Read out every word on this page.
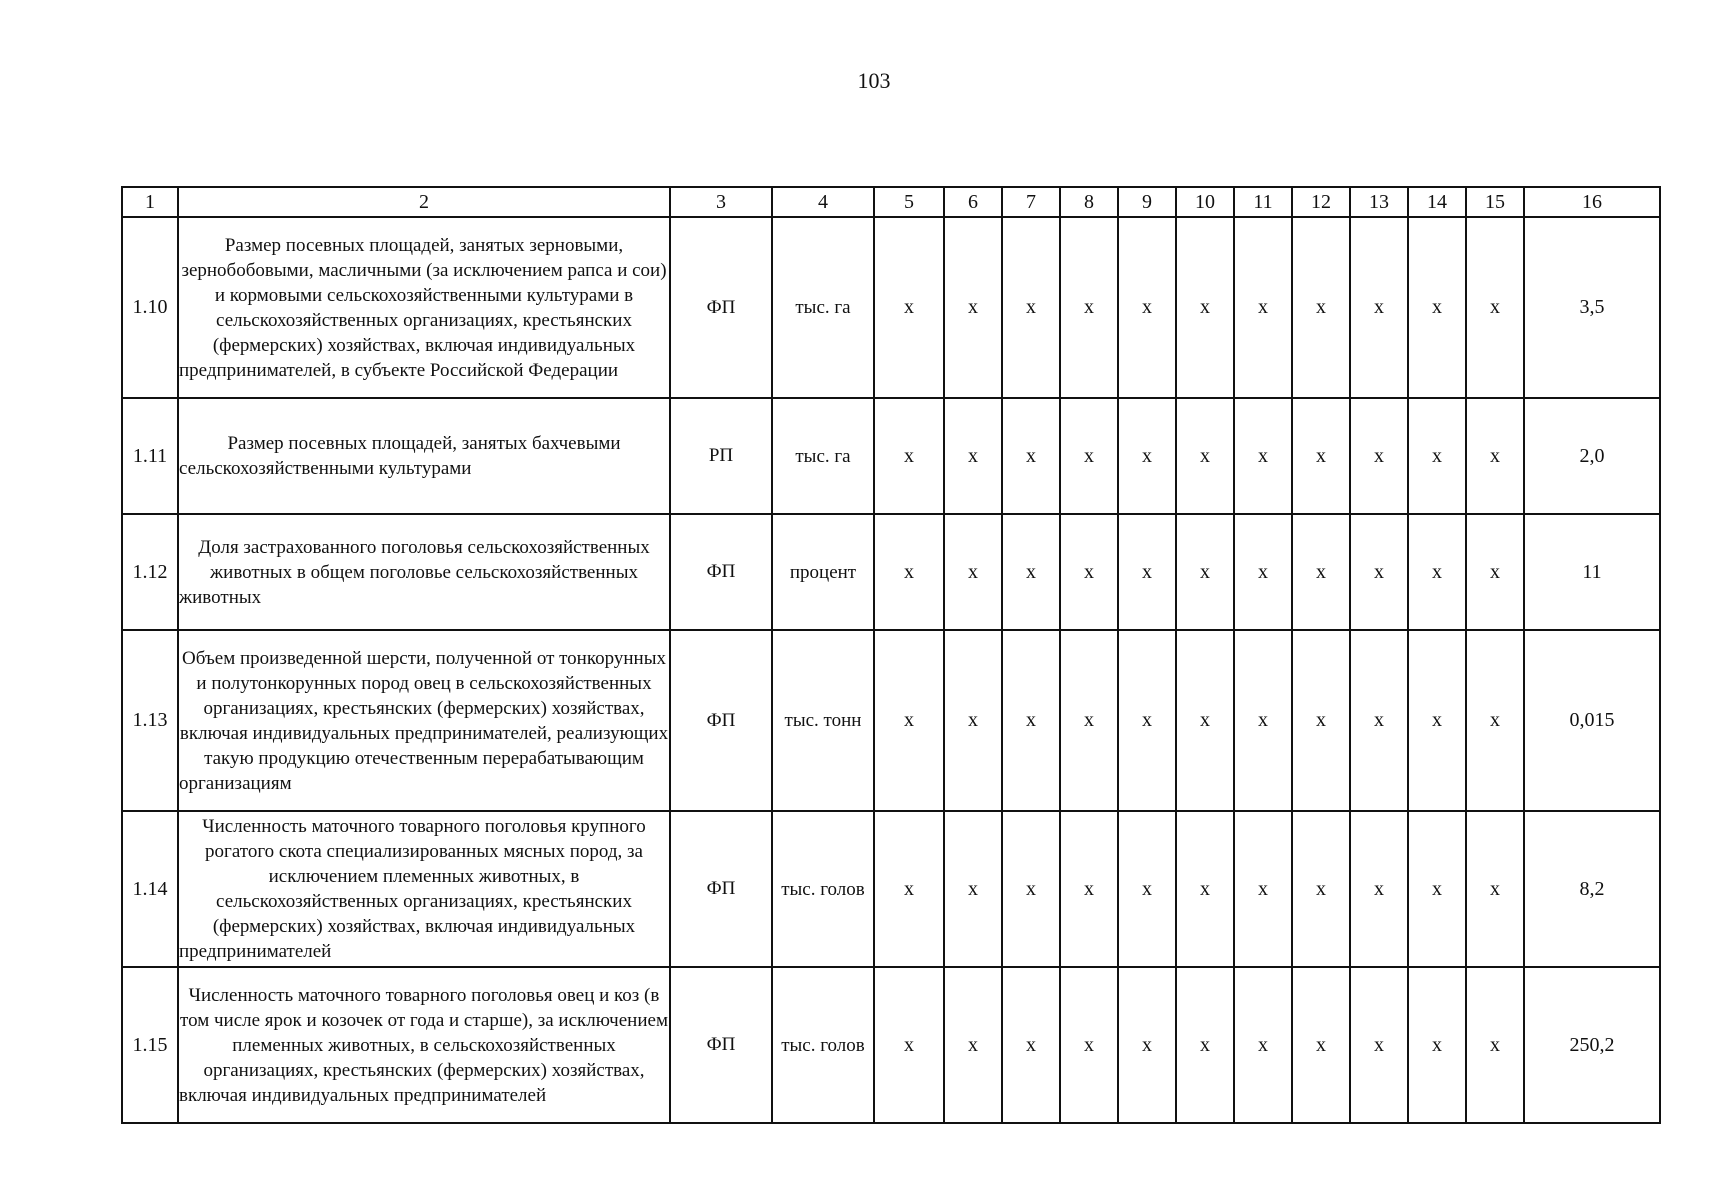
103
1	2	3	4	5	6	7	8	9	10	11	12	13	14	15	16
1.10	Размер посевных площадей, занятых зерновыми, зернобобовыми, масличными (за исключением рапса и сои) и кормовыми сельскохозяйственными культурами в сельскохозяйственных организациях, крестьянских (фермерских) хозяйствах, включая индивидуальных предпринимателей, в субъекте Российской Федерации	ФП	тыс. га	x	x	x	x	x	x	x	x	x	x	x	3,5
1.11	Размер посевных площадей, занятых бахчевыми сельскохозяйственными культурами	РП	тыс. га	x	x	x	x	x	x	x	x	x	x	x	2,0
1.12	Доля застрахованного поголовья сельскохозяйственных животных в общем поголовье сельскохозяйственных животных	ФП	процент	x	x	x	x	x	x	x	x	x	x	x	11
1.13	Объем произведенной шерсти, полученной от тонкорунных и полутонкорунных пород овец в сельскохозяйственных организациях, крестьянских (фермерских) хозяйствах, включая индивидуальных предпринимателей, реализующих такую продукцию отечественным перерабатывающим организациям	ФП	тыс. тонн	x	x	x	x	x	x	x	x	x	x	x	0,015
1.14	Численность маточного товарного поголовья крупного рогатого скота специализированных мясных пород, за исключением племенных животных, в сельскохозяйственных организациях, крестьянских (фермерских) хозяйствах, включая индивидуальных предпринимателей	ФП	тыс. голов	x	x	x	x	x	x	x	x	x	x	x	8,2
1.15	Численность маточного товарного поголовья овец и коз (в том числе ярок и козочек от года и старше), за исключением племенных животных, в сельскохозяйственных организациях, крестьянских (фермерских) хозяйствах, включая индивидуальных предпринимателей	ФП	тыс. голов	x	x	x	x	x	x	x	x	x	x	x	250,2
